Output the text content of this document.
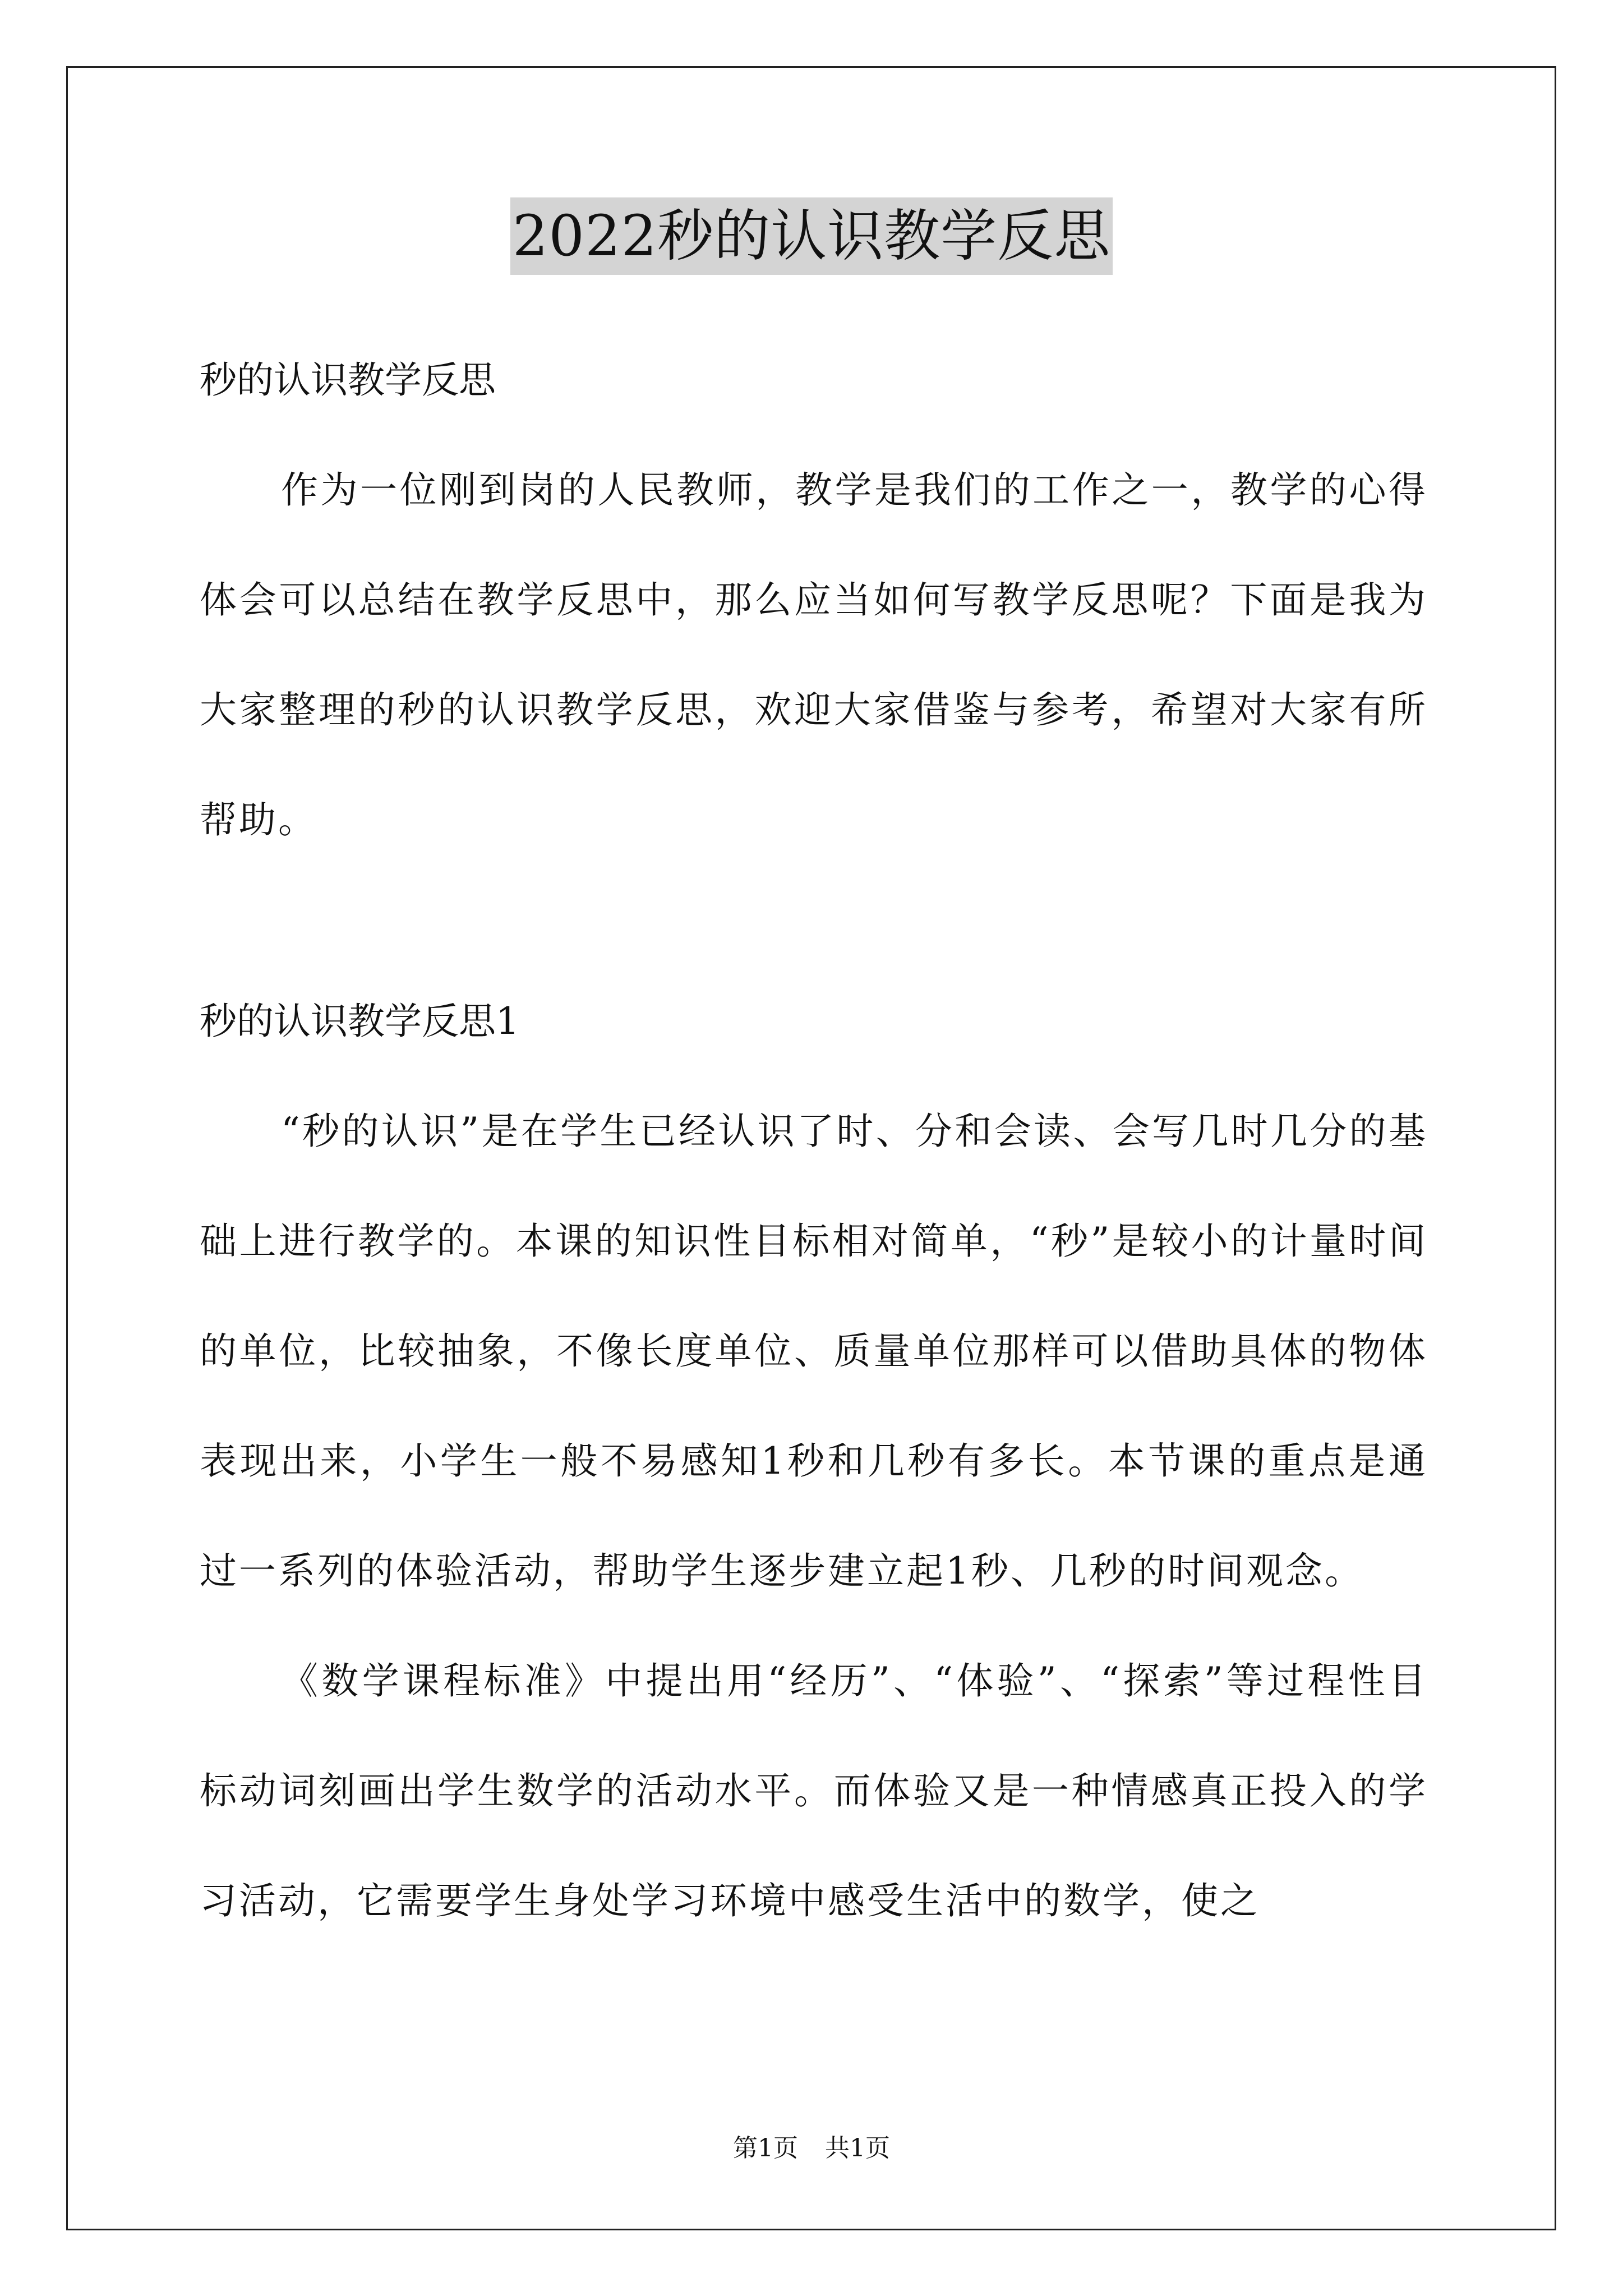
2022秒的认识教学反思

秒的认识教学反思

作为一位刚到岗的人民教师，教学是我们的工作之一，教学的心得体会可以总结在教学反思中，那么应当如何写教学反思呢？下面是我为大家整理的秒的认识教学反思，欢迎大家借鉴与参考，希望对大家有所帮助。

秒的认识教学反思1

“秒的认识”是在学生已经认识了时、分和会读、会写几时几分的基础上进行教学的。本课的知识性目标相对简单，“秒”是较小的计量时间的单位，比较抽象，不像长度单位、质量单位那样可以借助具体的物体表现出来，小学生一般不易感知1秒和几秒有多长。本节课的重点是通过一系列的体验活动，帮助学生逐步建立起1秒、几秒的时间观念。

《数学课程标准》中提出用“经历”、“体验”、“探索”等过程性目标动词刻画出学生数学的活动水平。而体验又是一种情感真正投入的学习活动，它需要学生身处学习环境中感受生活中的数学，使之

第1页 共1页
